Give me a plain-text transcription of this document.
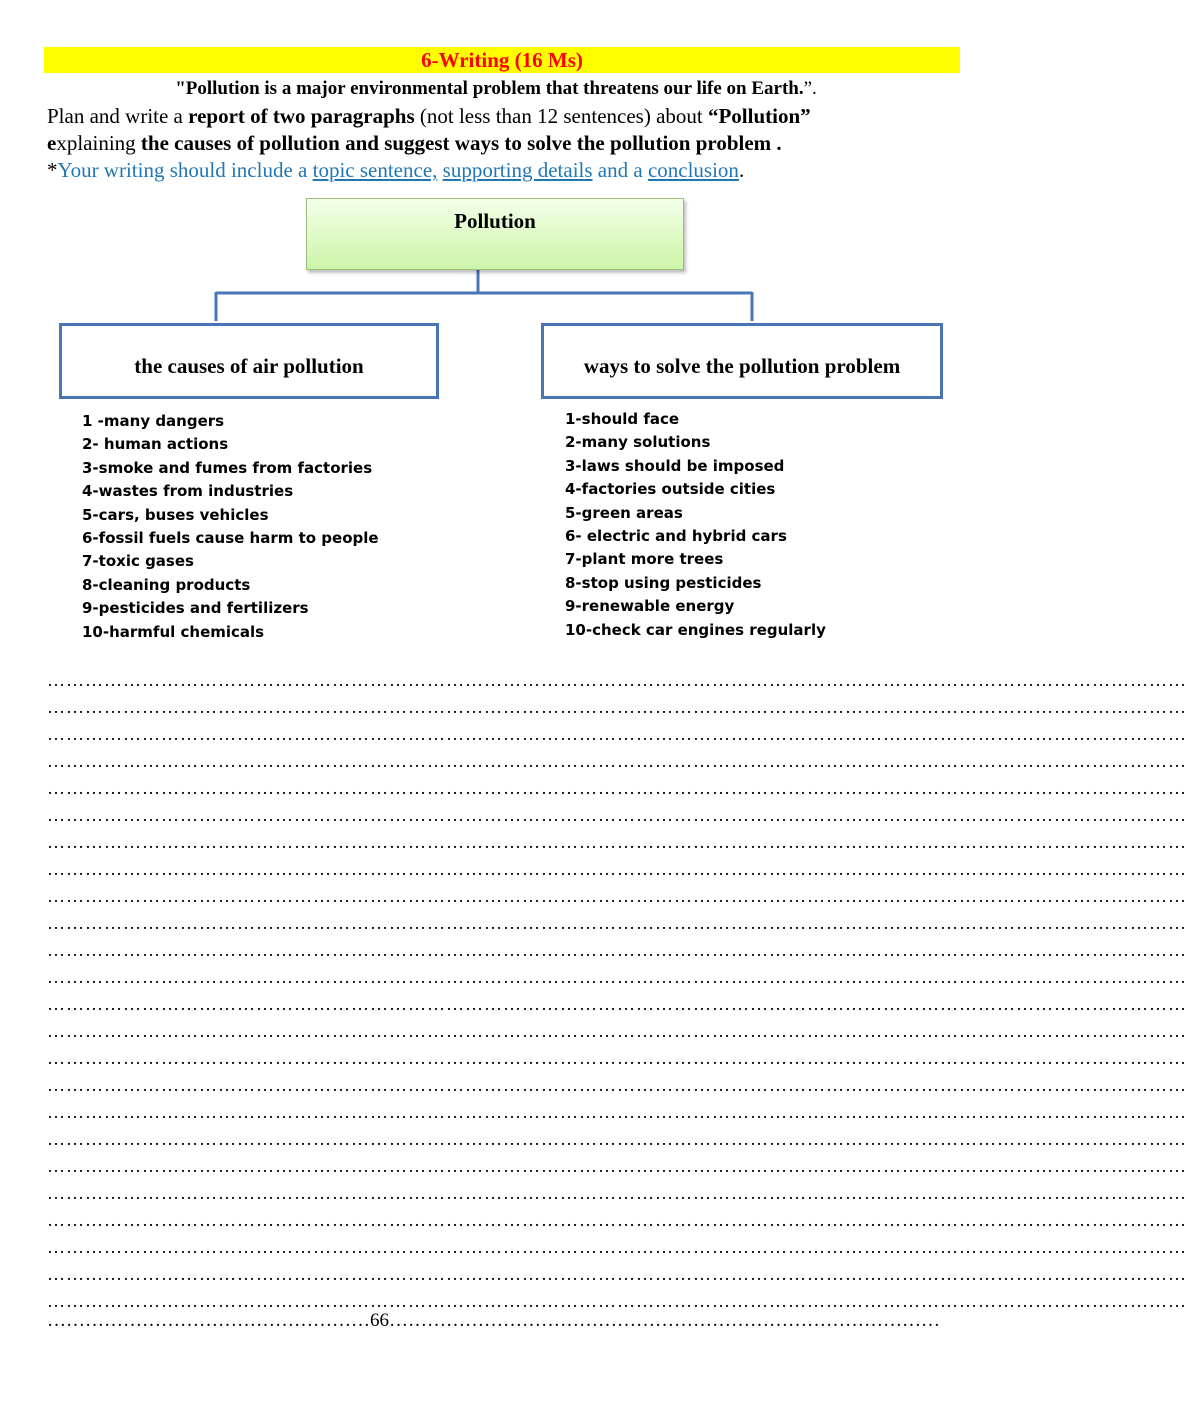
6-Writing (16 Ms)
"Pollution is a major environmental problem that threatens our life on Earth.”.
Plan and write a report of two paragraphs (not less than 12 sentences) about “Pollution”
explaining the causes of pollution and suggest ways to solve the pollution problem .
*Your writing should include a topic sentence, supporting details and a conclusion.
Pollution
the causes of air pollution	ways to solve the pollution problem
1 -many dangers
2- human actions
3-smoke and fumes from factories
4-wastes from industries
5-cars, buses vehicles
6-fossil fuels cause harm to people
7-toxic gases
8-cleaning products
9-pesticides and fertilizers
10-harmful chemicals
1-should face
2-many solutions
3-laws should be imposed
4-factories outside cities
5-green areas
6- electric and hybrid cars
7-plant more trees
8-stop using pesticides
9-renewable energy
10-check car engines regularly
………………………………………………………………………………………………………………………………………………………………
………………………………………………………………………………………………………………………………………………………………
………………………………………………………………………………………………………………………………………………………………
………………………………………………………………………………………………………………………………………………………………
………………………………………………………………………………………………………………………………………………………………
………………………………………………………………………………………………………………………………………………………………
………………………………………………………………………………………………………………………………………………………………
………………………………………………………………………………………………………………………………………………………………
………………………………………………………………………………………………………………………………………………………………
………………………………………………………………………………………………………………………………………………………………
………………………………………………………………………………………………………………………………………………………………
………………………………………………………………………………………………………………………………………………………………
………………………………………………………………………………………………………………………………………………………………
………………………………………………………………………………………………………………………………………………………………
………………………………………………………………………………………………………………………………………………………………
………………………………………………………………………………………………………………………………………………………………
………………………………………………………………………………………………………………………………………………………………
………………………………………………………………………………………………………………………………………………………………
………………………………………………………………………………………………………………………………………………………………
………………………………………………………………………………………………………………………………………………………………
………………………………………………………………………………………………………………………………………………………………
………………………………………………………………………………………………………………………………………………………………
………………………………………………………………………………………………………………………………………………………………
………………………………………………………………………………………………………………………………………………………………
……………………………………………66……………………………………………………………………………
